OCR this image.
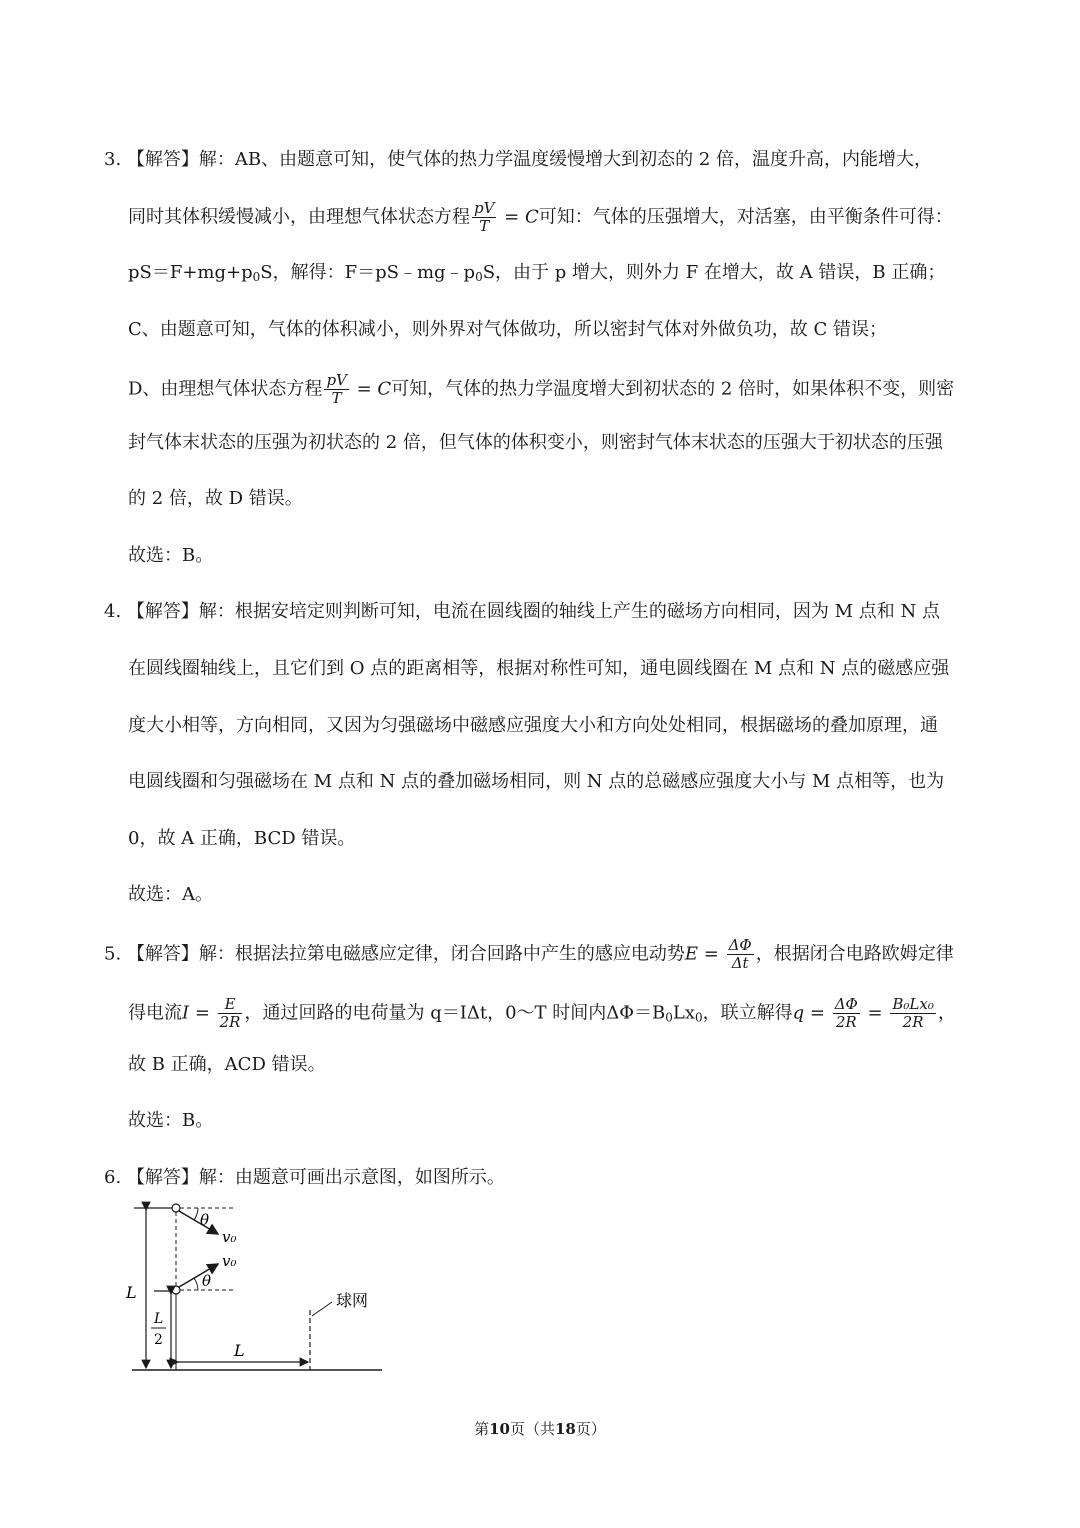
3. 【解答】解：AB、由题意可知，使气体的热力学温度缓慢增大到初态的 2 倍，温度升高，内能增大，
同时其体积缓慢减小，由理想气体状态方程 $\frac{pV}{T} = C$可知：气体的压强增大，对活塞，由平衡条件可得：
$pS=F+mg+p_0S$，解得：$F=pS﹣mg﹣p_0S$，由于 p 增大，则外力 F 在增大，故 A 错误，B 正确；
C、由题意可知，气体的体积减小，则外界对气体做功，所以密封气体对外做负功，故 C 错误；
D、由理想气体状态方程 $\frac{pV}{T} = C$可知，气体的热力学温度增大到初状态的 2 倍时，如果体积不变，则密
封气体末状态的压强为初状态的 2 倍，但气体的体积变小，则密封气体末状态的压强大于初状态的压强
的 2 倍，故 D 错误。
故选：B。
4. 【解答】解：根据安培定则判断可知，电流在圆线圈的轴线上产生的磁场方向相同，因为 M 点和 N 点
在圆线圈轴线上，且它们到 O 点的距离相等，根据对称性可知，通电圆线圈在 M 点和 N 点的磁感应强
度大小相等，方向相同，又因为匀强磁场中磁感应强度大小和方向处处相同，根据磁场的叠加原理，通
电圆线圈和匀强磁场在 M 点和 N 点的叠加磁场相同，则 N 点的总磁感应强度大小与 M 点相等，也为
0，故 A 正确，BCD 错误。
故选：A。
5. 【解答】解：根据法拉第电磁感应定律，闭合回路中产生的感应电动势$E = \frac{\Delta\Phi}{\Delta t}$ ，根据闭合电路欧姆定律
得电流$I = \frac{E}{2R}$ ，通过回路的电荷量为 q＝IΔt，0～T 时间内$\Delta\Phi=B_0Lx_0$，联立解得$q = \frac{\Delta\Phi}{2R} = \frac{\text{B₀Lx₀}}{2R}$ ，
故 B 正确，ACD 错误。
故选：B。
6. 【解答】解：由题意可画出示意图，如图所示。
θ
v₀
θ
v₀
L
L
2
球网
L
第10页（共18页）
